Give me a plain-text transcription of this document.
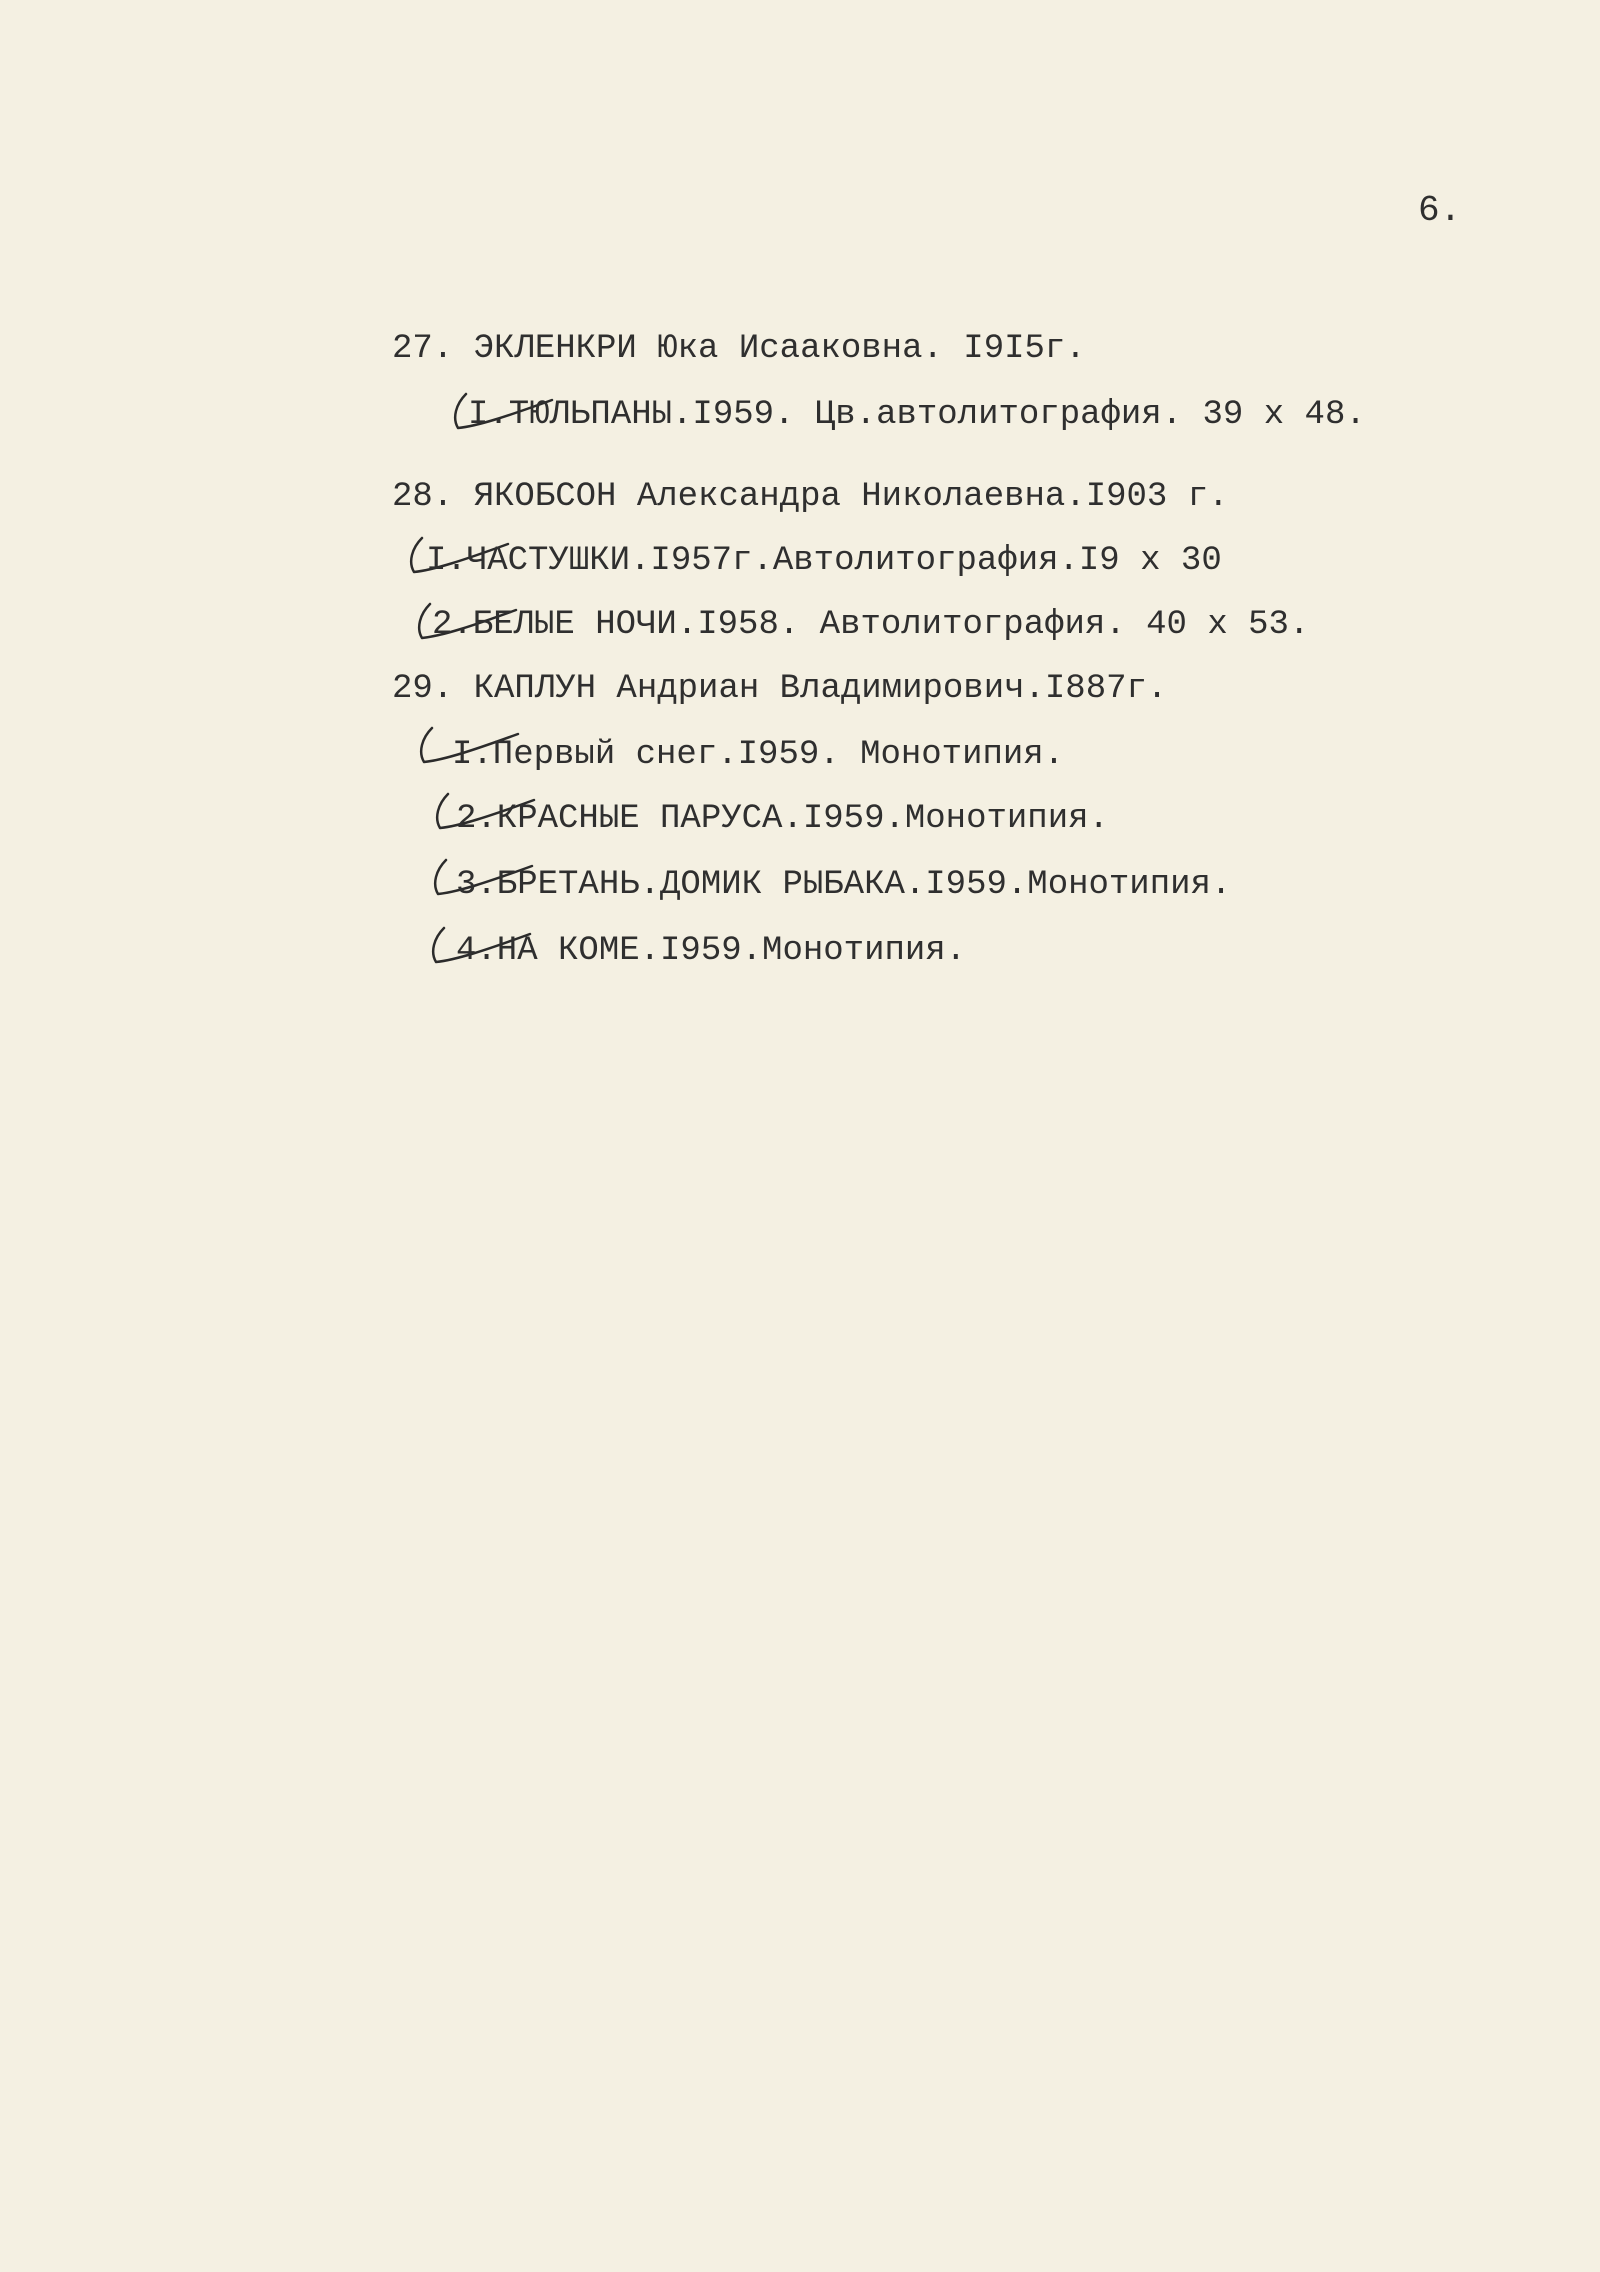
6.
27. ЭКЛЕНКРИ Юка Исааковна. I9I5г.
I.ТЮЛЬПАНЫ.I959. Цв.автолитография. 39 х 48.
28. ЯКОБСОН Александра Николаевна.I903 г.
I.ЧАСТУШКИ.I957г.Автолитография.I9 х 30
2.БЕЛЫЕ НОЧИ.I958. Автолитография. 40 х 53.
29. КАПЛУН Андриан Владимирович.I887г.
I.Первый снег.I959. Монотипия.
2.КРАСНЫЕ ПАРУСА.I959.Монотипия.
3.БРЕТАНЬ.ДОМИК РЫБАКА.I959.Монотипия.
4.НА КОМЕ.I959.Монотипия.
